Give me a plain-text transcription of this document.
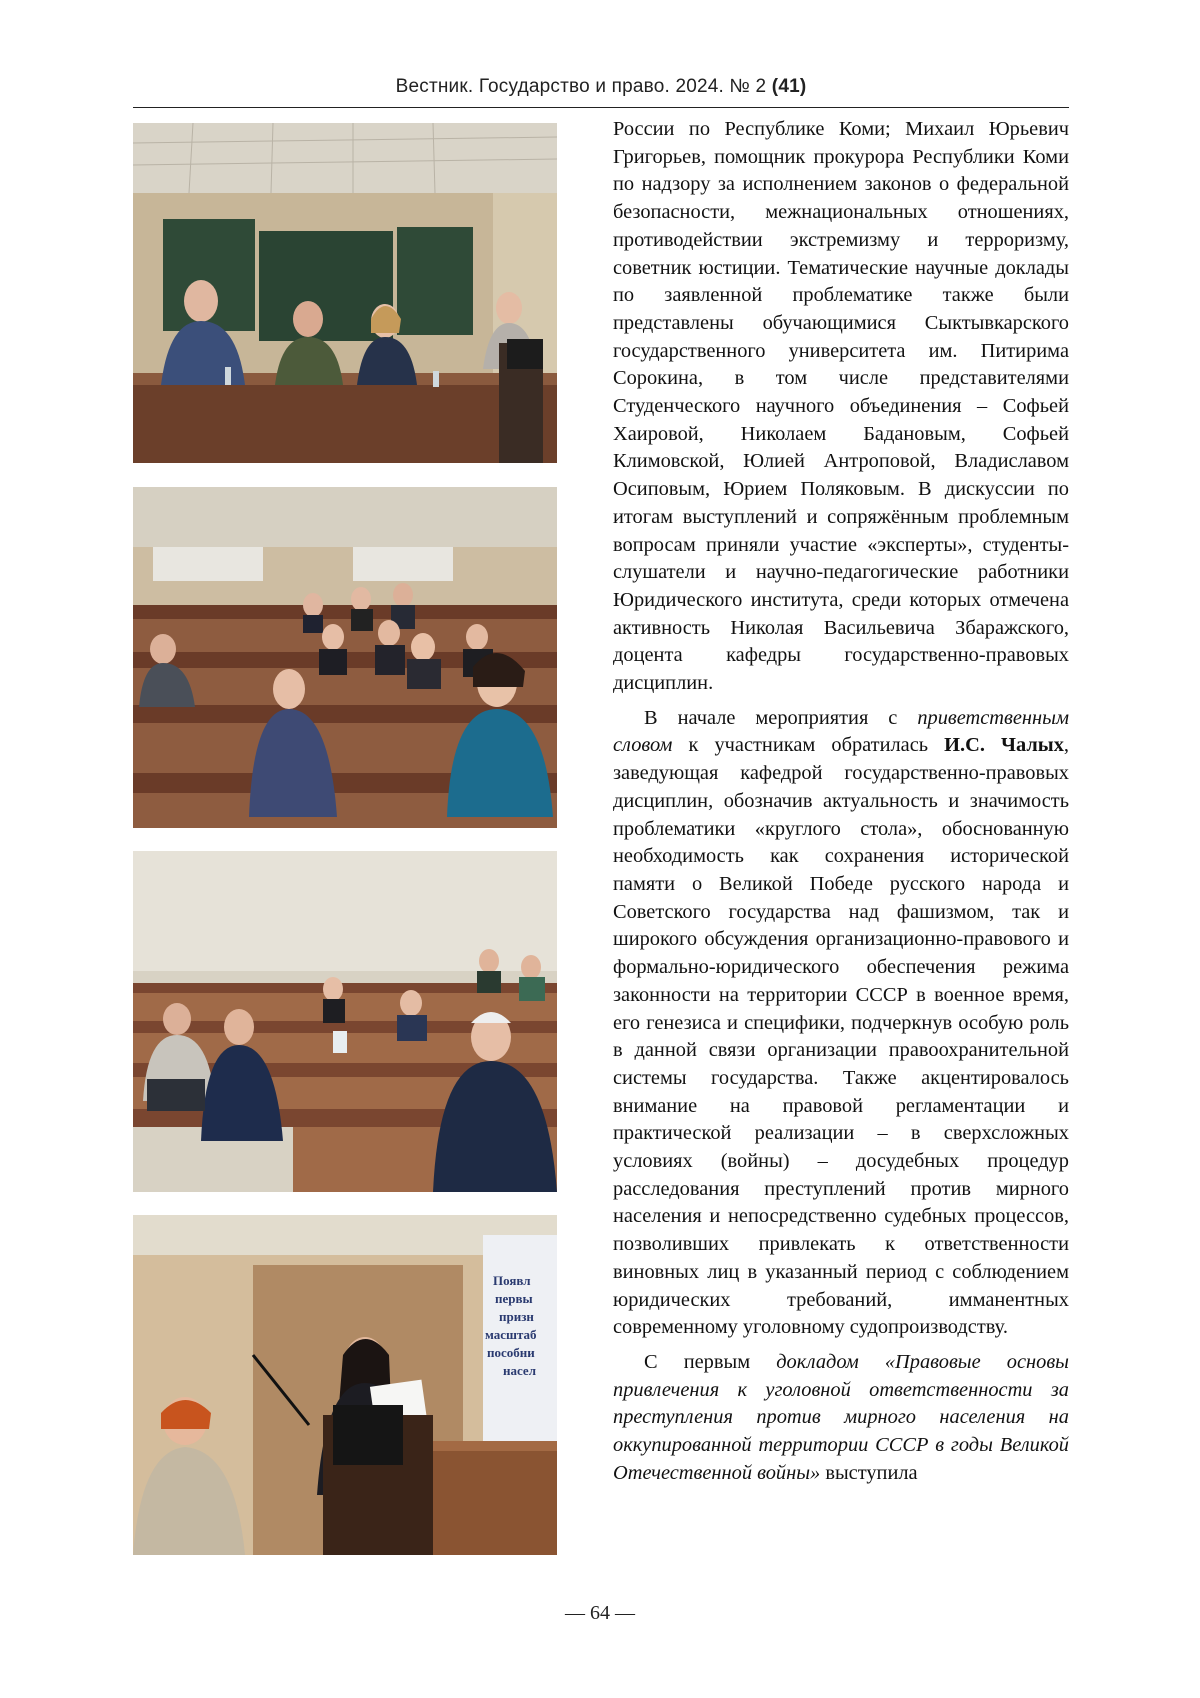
Вестник. Государство и право. 2024. № 2 (41)
Появл
первы
призн
масштаб
пособни
насел

России по Республике Коми; Михаил Юрьевич Григорьев, помощник прокурора Республики Коми по надзору за исполнением законов о федеральной безопасности, межнациональных отношениях, противодействии экстремизму и терроризму, советник юстиции. Тематические научные доклады по заявленной проблематике также были представлены обучающимися Сыктывкарского государственного университета им. Питирима Сорокина, в том числе представителями Студенческого научного объединения – Софьей Хаировой, Николаем Бадановым, Софьей Климовской, Юлией Антроповой, Владиславом Осиповым, Юрием Поляковым. В дискуссии по итогам выступлений и сопряжённым проблемным вопросам приняли участие «эксперты», студенты-слушатели и научно-педагогические работники Юридического института, среди которых отмечена активность Николая Васильевича Збаражского, доцента кафедры государственно-правовых дисциплин.

В начале мероприятия с приветственным словом к участникам обратилась И.С. Чалых, заведующая кафедрой государственно-правовых дисциплин, обозначив актуальность и значимость проблематики «круглого стола», обоснованную необходимость как сохранения исторической памяти о Великой Победе русского народа и Советского государства над фашизмом, так и широкого обсуждения организационно-правового и формально-юридического обеспечения режима законности на территории СССР в военное время, его генезиса и специфики, подчеркнув особую роль в данной связи организации правоохранительной системы государства. Также акцентировалось внимание на правовой регламентации и практической реализации – в сверхсложных условиях (войны) – досудебных процедур расследования преступлений против мирного населения и непосредственно судебных процессов, позволивших привлекать к ответственности виновных лиц в указанный период с соблюдением юридических требований, имманентных современному уголовному судопроизводству.

С первым докладом «Правовые основы привлечения к уголовной ответственности за преступления против мирного населения на оккупированной территории СССР в годы Великой Отечественной войны» выступила

— 64 —
